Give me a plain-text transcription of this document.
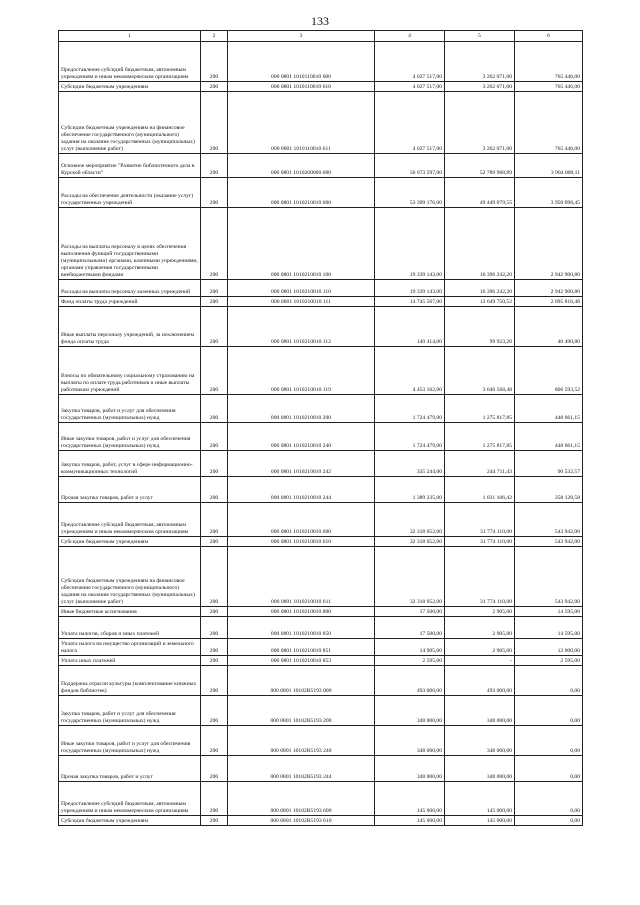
133
1	2	3	4	5	6
Предоставление субсидий бюджетным, автономным учреждениям и иным некоммерческим организациям	200	000 0801 1010110010 600	4 027 517,00	3 262 071,00	765 446,00
Субсидии бюджетным учреждениям	200	000 0801 1010110010 610	4 027 517,00	3 262 071,00	765 446,00
Субсидии бюджетным учреждениям на финансовое обеспечение государственного (муниципального) задания на оказание государственных (муниципальных) услуг (выполнение работ)	200	000 0801 1010110010 611	4 027 517,00	3 262 071,00	765 446,00
Основное мероприятие "Развитие библиотечного дела в Курской области"	200	000 0801 1010200000 000	56 673 597,00	52 789 988,89	3 904 008,11
Расходы на обеспечение деятельности (оказание услуг) государственных учреждений	200	000 0801 1010210010 000	53 399 176,00	49 449 079,55	3 950 098,45
Расходы на выплаты персоналу в целях обеспечения выполнения функций государственными (муниципальными) органами, казенными учреждениями, органами управления государственными внебюджетными фондами	200	000 0801 1010210010 100	19 339 143,00	16 396 242,20	2 942 900,80
Расходы на выплаты персоналу казенных учреждений	200	000 0801 1010210010 110	19 339 143,00	16 396 242,20	2 942 900,80
Фонд оплаты труда учреждений	200	000 0801 1010210010 111	14 745 567,00	12 649 750,52	2 095 816,48
Иные выплаты персоналу учреждений, за исключением фонда оплаты труда	200	000 0801 1010210010 112	140 414,00	99 923,20	40 490,80
Взносы по обязательному социальному страхованию на выплаты по оплате труда работников и иные выплаты работникам учреждений	200	000 0801 1010210010 119	4 453 162,00	3 646 568,48	806 593,52
Закупка товаров, работ и услуг для обеспечения государственных (муниципальных) нужд	200	000 0801 1010210010 200	1 724 479,00	1 275 817,85	448 661,15
Иные закупки товаров, работ и услуг для обеспечения государственных (муниципальных) нужд	200	000 0801 1010210010 240	1 724 479,00	1 275 817,85	448 661,15
Закупка товаров, работ, услуг в сфере информационно-коммуникационных технологий	200	000 0801 1010210010 242	335 244,00	244 711,43	90 532,57
Прочая закупка товаров, работ и услуг	200	000 0801 1010210010 244	1 389 235,00	1 031 106,42	358 128,58
Предоставление субсидий бюджетным, автономным учреждениям и иным некоммерческим организациям	200	000 0801 1010210010 600	32 318 052,00	31 774 110,00	543 942,00
Субсидии бюджетным учреждениям	200	000 0801 1010210010 610	32 318 052,00	31 774 110,00	543 942,00
Субсидии бюджетным учреждениям на финансовое обеспечение государственного (муниципального) задания на оказание государственных (муниципальных) услуг (выполнение работ)	200	000 0801 1010210010 611	32 318 052,00	31 774 110,00	543 942,00
Иные бюджетные ассигнования	200	000 0801 1010210010 800	17 500,00	2 905,00	14 595,00
Уплата налогов, сборов и иных платежей	200	000 0801 1010210010 850	17 500,00	2 905,00	14 595,00
Уплата налога на имущество организаций и земельного налога	200	000 0801 1010210010 851	14 905,00	2 905,00	12 000,00
Уплата иных платежей	200	000 0801 1010210010 853	2 595,00	-	2 595,00
Поддержка отрасли культуры (комплектование книжных фондов библиотек)	200	000 0801 10102R5193 000	493 000,00	493 000,00	0,00
Закупка товаров, работ и услуг для обеспечения государственных (муниципальных) нужд	200	000 0801 10102R5193 200	348 000,00	348 000,00	0,00
Иные закупки товаров, работ и услуг для обеспечения государственных (муниципальных) нужд	200	000 0801 10102R5193 240	348 000,00	348 000,00	0,00
Прочая закупка товаров, работ и услуг	200	000 0801 10102R5193 244	348 000,00	348 000,00	0,00
Предоставление субсидий бюджетным, автономным учреждениям и иным некоммерческим организациям	200	000 0801 10102R5193 600	145 000,00	145 000,00	0,00
Субсидии бюджетным учреждениям	200	000 0801 10102R5193 610	145 000,00	145 000,00	0,00
